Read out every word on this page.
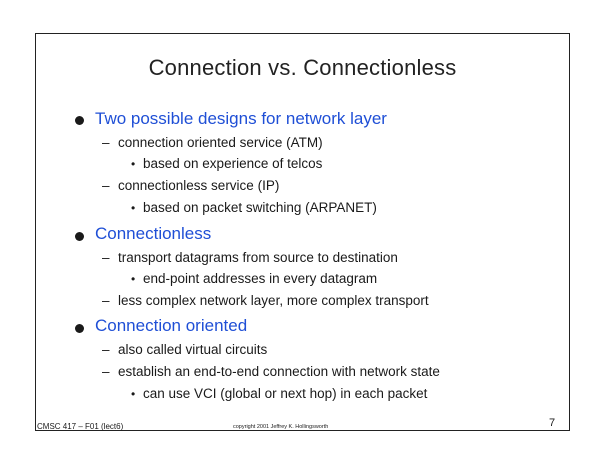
Connection vs. Connectionless
Two possible designs for network layer
– connection oriented service (ATM)
• based on experience of telcos
– connectionless service (IP)
• based on packet switching (ARPANET)
Connectionless
– transport datagrams from source to destination
• end-point addresses in every datagram
– less complex network layer, more complex transport
Connection oriented
– also called virtual circuits
– establish an end-to-end connection with network state
• can use VCI (global or next hop) in each packet
CMSC 417 – F01 (lect6)	copyright 2001 Jeffrey K. Hollingsworth	7
